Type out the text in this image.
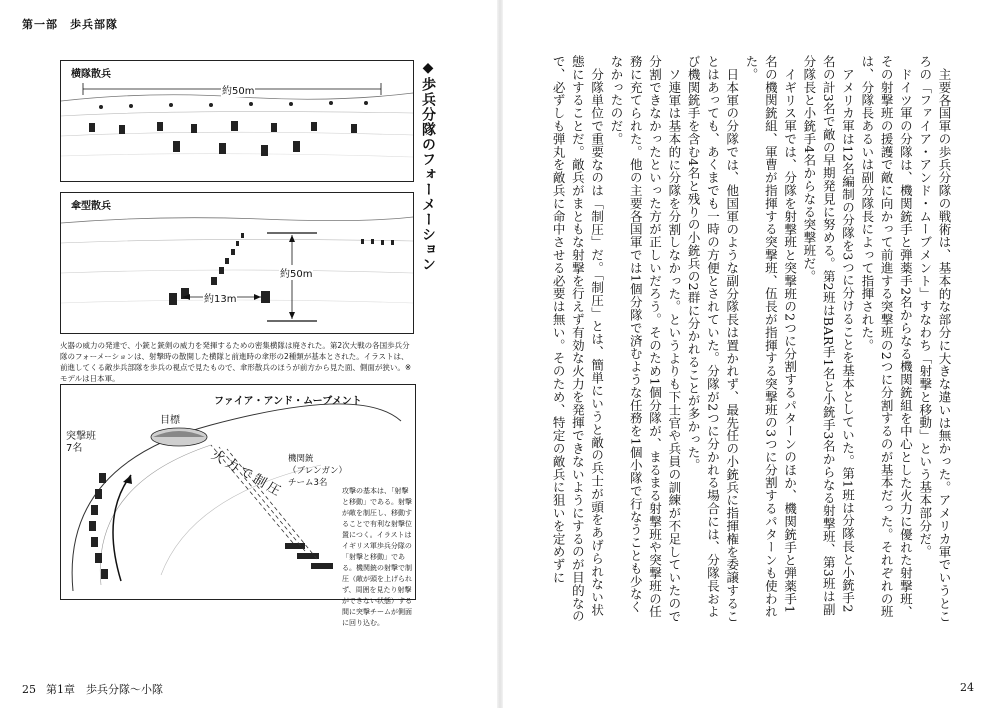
第一部　歩兵部隊
横隊散兵
約50m
傘型散兵
約50m
約13m
火器の威力の発達で、小銃と銃剣の威力を発揮するための密集横隊は廃された。第2次大戦の各国歩兵分隊のフォーメーションは、射撃時の散開した横隊と前進時の傘形の2種類が基本とされた。イラストは、前進してくる敵歩兵部隊を歩兵の視点で見たもので、傘形散兵のほうが前方から見た面、側面が狭い。※モデルは日本軍。
目標
突撃班
7名	火力で制圧 機関銃
（ブレンガン）
チーム3名
ファイア・アンド・ムーブメント
攻撃の基本は、「射撃と移動」である。射撃が敵を制圧し、移動することで有利な射撃位置につく。イラストはイギリス軍歩兵分隊の「射撃と移動」である。機関銃の射撃で制圧（敵が頭を上げられず、周囲を見たり射撃ができない状態）する間に突撃チームが側面に回り込む。
◆歩兵分隊のフォーメーション	主要各国軍の歩兵分隊の戦術は、基本的な部分に大きな違いは無かった。アメリカ軍でいうところの「ファイア・アンド・ムーブメント」すなわち「射撃と移動」という基本部分だ。

ドイツ軍の分隊は、機関銃手と弾薬手2名からなる機関銃組を中心とした火力に優れた射撃班、その射撃班の援護で敵に向かって前進する突撃班の2つに分割するのが基本だった。それぞれの班は、分隊長あるいは副分隊長によって指揮された。

アメリカ軍は12名編制の分隊を3つに分けることを基本としていた。第1班は分隊長と小銃手2名の計3名で敵の早期発見に努める。第2班はBAR手1名と小銃手3名からなる射撃班、第3班は副分隊長と小銃手4名からなる突撃班だ。

イギリス軍では、分隊を射撃班と突撃班の2つに分割するパターンのほか、機関銃手と弾薬手1名の機関銃組、軍曹が指揮する突撃班、伍長が指揮する突撃班の3つに分割するパターンも使われた。

日本軍の分隊では、他国軍のような副分隊長は置かれず、最先任の小銃兵に指揮権を委譲することはあっても、あくまでも一時の方便とされていた。分隊が2つに分かれる場合には、分隊長および機関銃手を含む4名と残りの小銃兵の2群に分かれることが多かった。

ソ連軍は基本的に分隊を分割しなかった。というよりも下士官や兵員の訓練が不足していたので分割できなかったといった方が正しいだろう。そのため1個分隊が、まるまる射撃班や突撃班の任務に充てられた。他の主要各国軍では1個分隊で済むような任務を1個小隊で行なうことも少なくなかったのだ。

分隊単位で重要なのは「制圧」だ。「制圧」とは、簡単にいうと敵の兵士が頭をあげられない状態にすることだ。敵兵がまともな射撃を行えず有効な火力を発揮できないようにするのが目的なので、必ずしも弾丸を敵兵に命中させる必要は無い。そのため、特定の敵兵に狙いを定めずに

25 第1章　歩兵分隊～小隊	24
